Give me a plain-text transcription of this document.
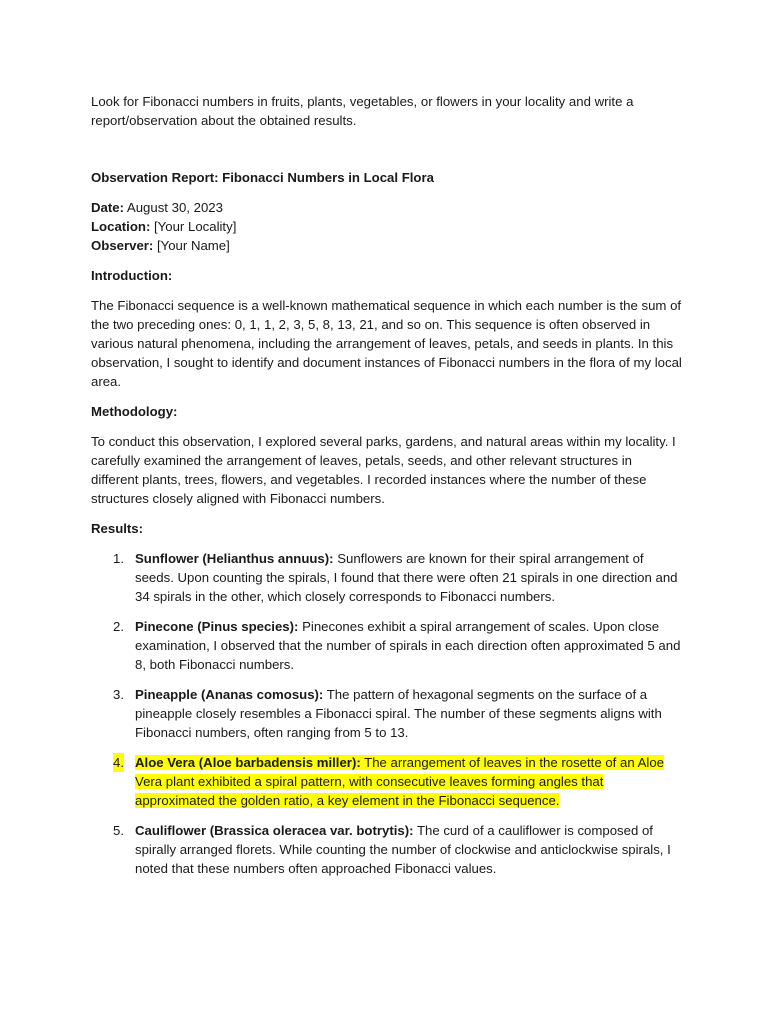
Look for Fibonacci numbers in fruits, plants, vegetables, or flowers in your locality and write a report/observation about the obtained results.

Observation Report: Fibonacci Numbers in Local Flora

Date: August 30, 2023

Location: [Your Locality]

Observer: [Your Name]

Introduction:

The Fibonacci sequence is a well-known mathematical sequence in which each number is the sum of the two preceding ones: 0, 1, 1, 2, 3, 5, 8, 13, 21, and so on. This sequence is often observed in various natural phenomena, including the arrangement of leaves, petals, and seeds in plants. In this observation, I sought to identify and document instances of Fibonacci numbers in the flora of my local area.

Methodology:

To conduct this observation, I explored several parks, gardens, and natural areas within my locality. I carefully examined the arrangement of leaves, petals, seeds, and other relevant structures in different plants, trees, flowers, and vegetables. I recorded instances where the number of these structures closely aligned with Fibonacci numbers.

Results:

1. Sunflower (Helianthus annuus): Sunflowers are known for their spiral arrangement of seeds. Upon counting the spirals, I found that there were often 21 spirals in one direction and 34 spirals in the other, which closely corresponds to Fibonacci numbers.
2. Pinecone (Pinus species): Pinecones exhibit a spiral arrangement of scales. Upon close examination, I observed that the number of spirals in each direction often approximated 5 and 8, both Fibonacci numbers.
3. Pineapple (Ananas comosus): The pattern of hexagonal segments on the surface of a pineapple closely resembles a Fibonacci spiral. The number of these segments aligns with Fibonacci numbers, often ranging from 5 to 13.
4. Aloe Vera (Aloe barbadensis miller): The arrangement of leaves in the rosette of an Aloe Vera plant exhibited a spiral pattern, with consecutive leaves forming angles that approximated the golden ratio, a key element in the Fibonacci sequence.
5. Cauliflower (Brassica oleracea var. botrytis): The curd of a cauliflower is composed of spirally arranged florets. While counting the number of clockwise and anticlockwise spirals, I noted that these numbers often approached Fibonacci values.
